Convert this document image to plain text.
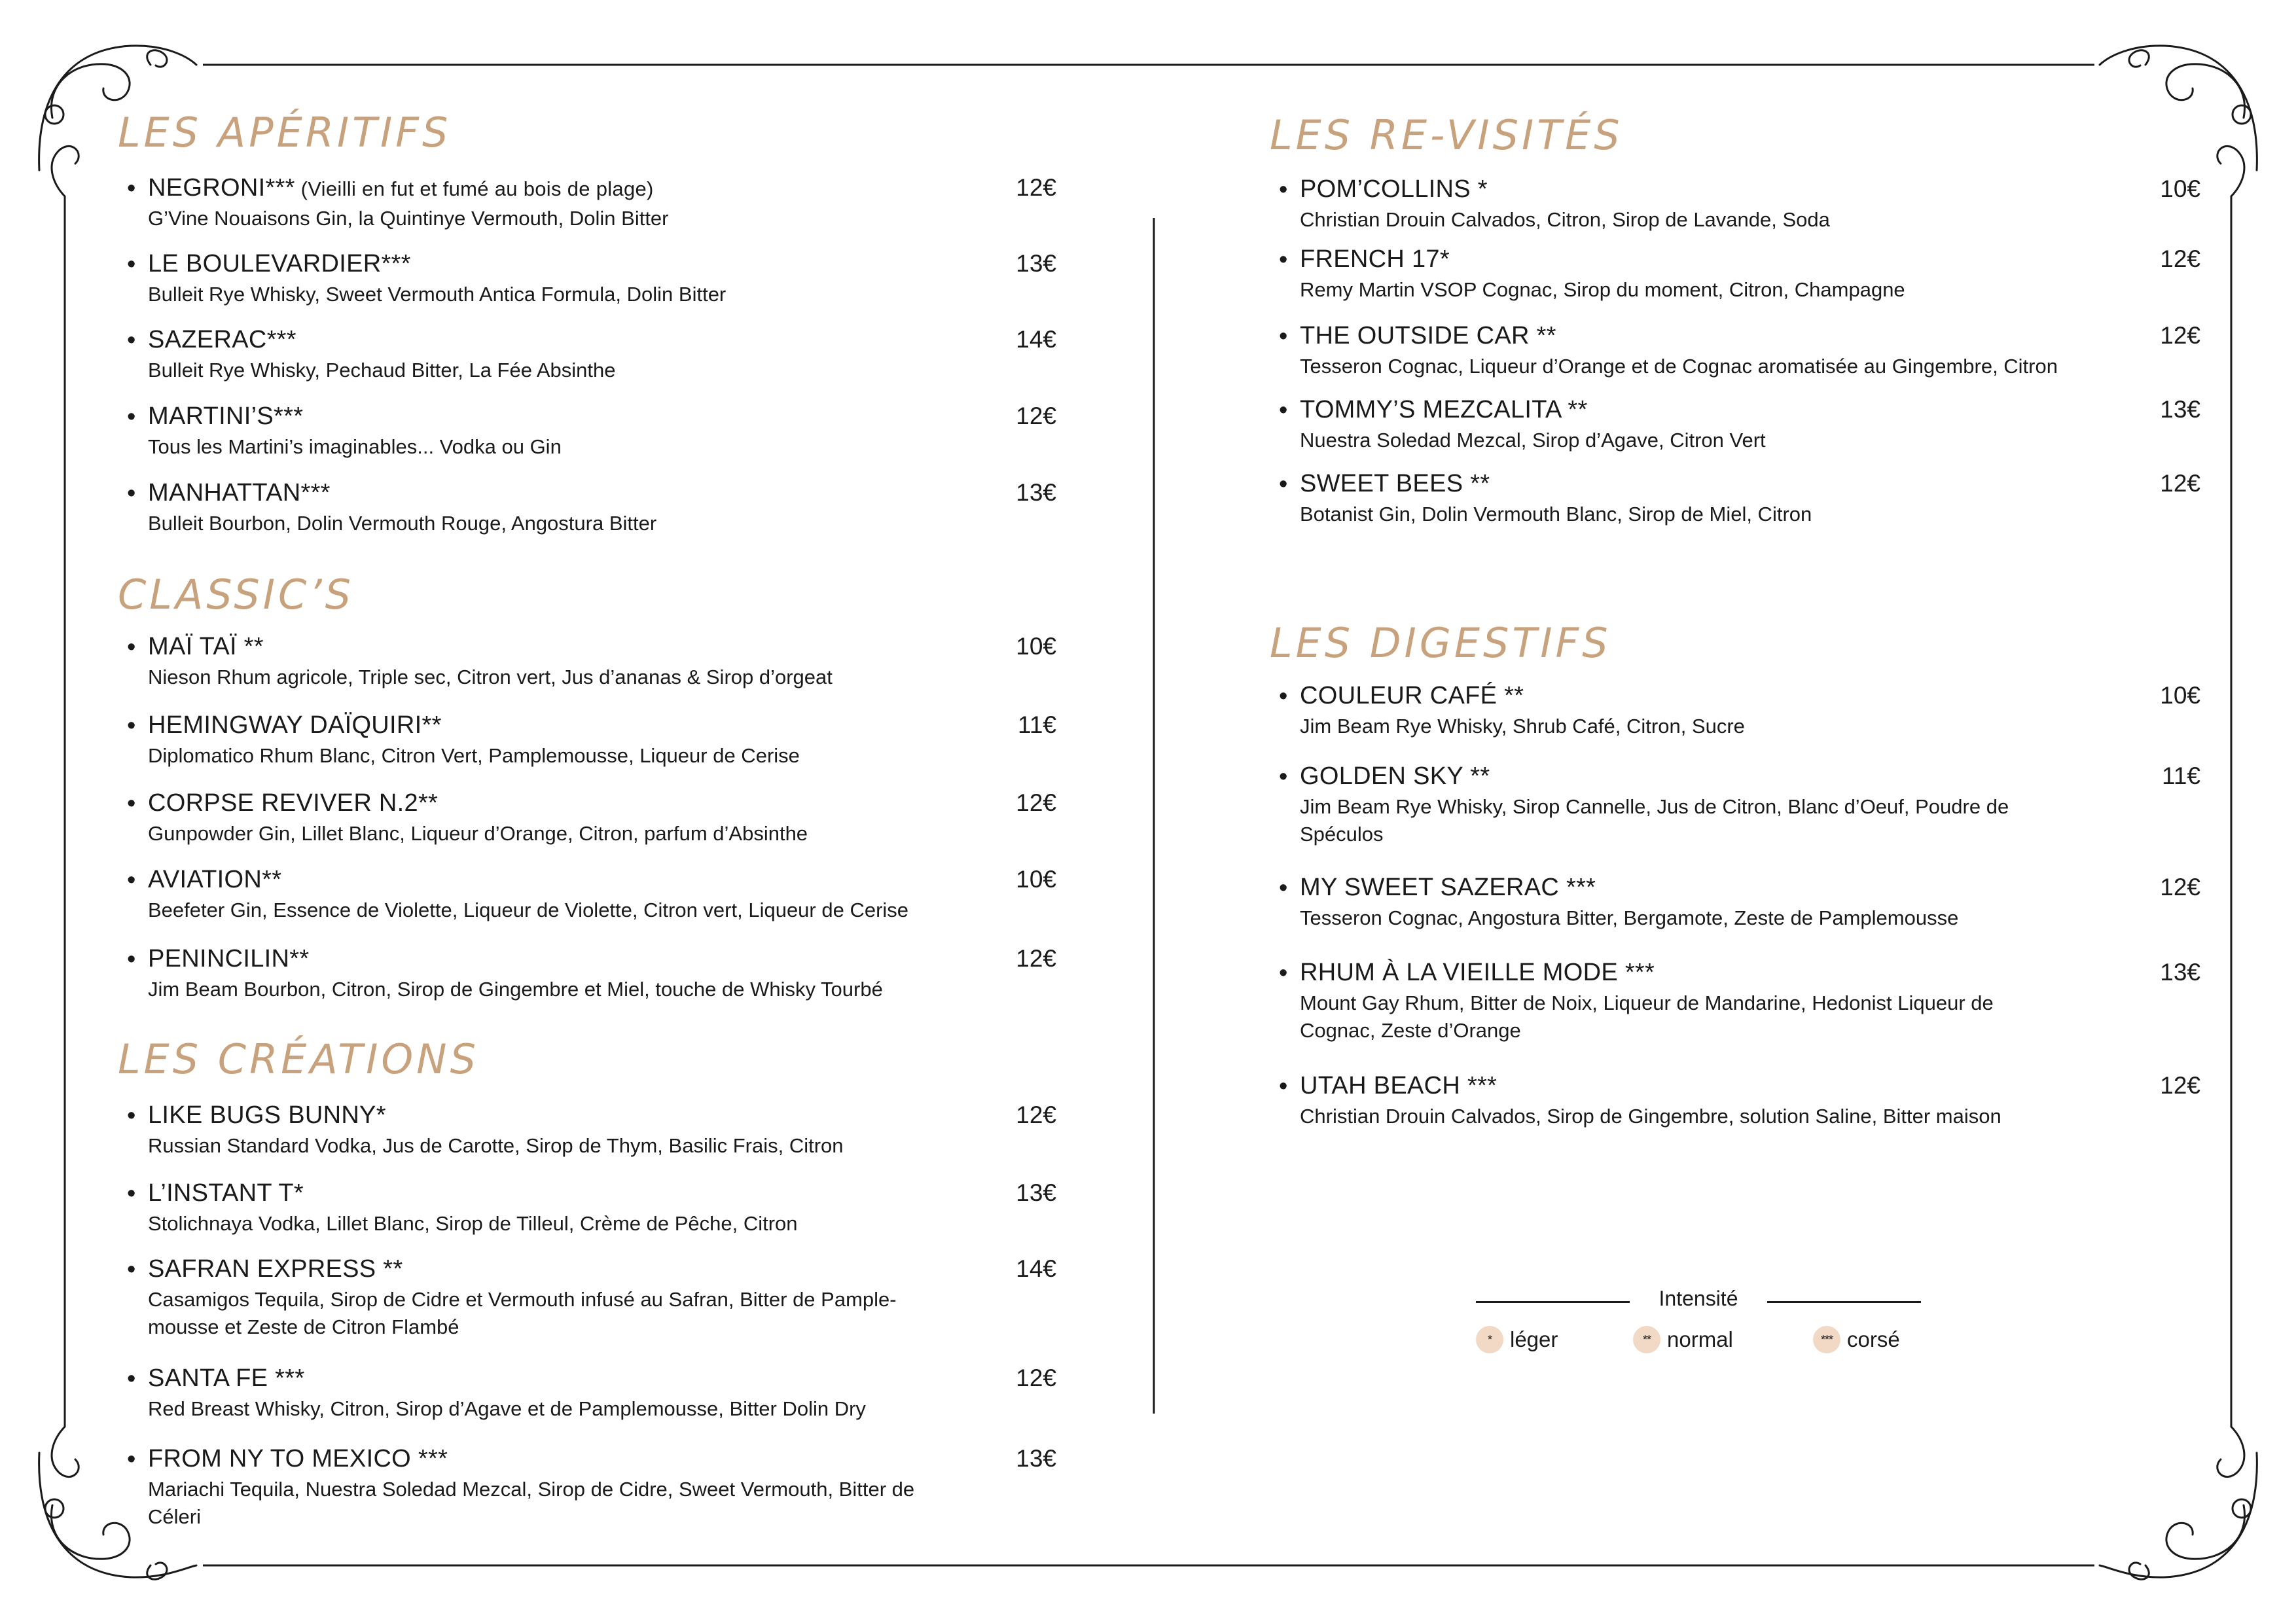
LES APÉRITIFS
• NEGRONI*** (Vieilli en fut et fumé au bois de plage)	12€
G’Vine Nouaisons Gin, la Quintinye Vermouth, Dolin Bitter
• LE BOULEVARDIER***	13€
Bulleit Rye Whisky, Sweet Vermouth Antica Formula, Dolin Bitter
• SAZERAC***	14€
Bulleit Rye Whisky, Pechaud Bitter, La Fée Absinthe
• MARTINI’S***	12€
Tous les Martini’s imaginables... Vodka ou Gin
• MANHATTAN***	13€
Bulleit Bourbon, Dolin Vermouth Rouge, Angostura Bitter
CLASSIC’S
• MAÏ TAÏ **	10€
Nieson Rhum agricole, Triple sec, Citron vert, Jus d’ananas & Sirop d’orgeat
• HEMINGWAY DAÏQUIRI**	11€
Diplomatico Rhum Blanc, Citron Vert, Pamplemousse, Liqueur de Cerise
• CORPSE REVIVER N.2**	12€
Gunpowder Gin, Lillet Blanc, Liqueur d’Orange, Citron, parfum d’Absinthe
• AVIATION**	10€
Beefeter Gin, Essence de Violette, Liqueur de Violette, Citron vert, Liqueur de Cerise
• PENINCILIN**	12€
Jim Beam Bourbon, Citron, Sirop de Gingembre et Miel, touche de Whisky Tourbé
LES CRÉATIONS
• LIKE BUGS BUNNY*	12€
Russian Standard Vodka, Jus de Carotte, Sirop de Thym, Basilic Frais, Citron
• L’INSTANT T*	13€
Stolichnaya Vodka, Lillet Blanc, Sirop de Tilleul, Crème de Pêche, Citron
• SAFRAN EXPRESS **	14€
Casamigos Tequila, Sirop de Cidre et Vermouth infusé au Safran, Bitter de Pample-mousse et Zeste de Citron Flambé
• SANTA FE ***	12€
Red Breast Whisky, Citron, Sirop d’Agave et de Pamplemousse, Bitter Dolin Dry
• FROM NY TO MEXICO ***	13€
Mariachi Tequila, Nuestra Soledad Mezcal, Sirop de Cidre, Sweet Vermouth, Bitter de Céleri
LES RE-VISITÉS
• POM’COLLINS *	10€
Christian Drouin Calvados, Citron, Sirop de Lavande, Soda
• FRENCH 17*	12€
Remy Martin VSOP Cognac, Sirop du moment, Citron, Champagne
• THE OUTSIDE CAR **	12€
Tesseron Cognac, Liqueur d’Orange et de Cognac aromatisée au Gingembre, Citron
• TOMMY’S MEZCALITA **	13€
Nuestra Soledad Mezcal, Sirop d’Agave, Citron Vert
• SWEET BEES **	12€
Botanist Gin, Dolin Vermouth Blanc, Sirop de Miel, Citron
LES DIGESTIFS
• COULEUR CAFÉ **	10€
Jim Beam Rye Whisky, Shrub Café, Citron, Sucre
• GOLDEN SKY **	11€
Jim Beam Rye Whisky, Sirop Cannelle, Jus de Citron, Blanc d’Oeuf, Poudre de Spéculos
• MY SWEET SAZERAC ***	12€
Tesseron Cognac, Angostura Bitter, Bergamote, Zeste de Pamplemousse
• RHUM À LA VIEILLE MODE ***	13€
Mount Gay Rhum, Bitter de Noix, Liqueur de Mandarine, Hedonist Liqueur de Cognac, Zeste d’Orange
• UTAH BEACH ***	12€
Christian Drouin Calvados, Sirop de Gingembre, solution Saline, Bitter maison
Intensité
* léger	** normal	*** corsé
